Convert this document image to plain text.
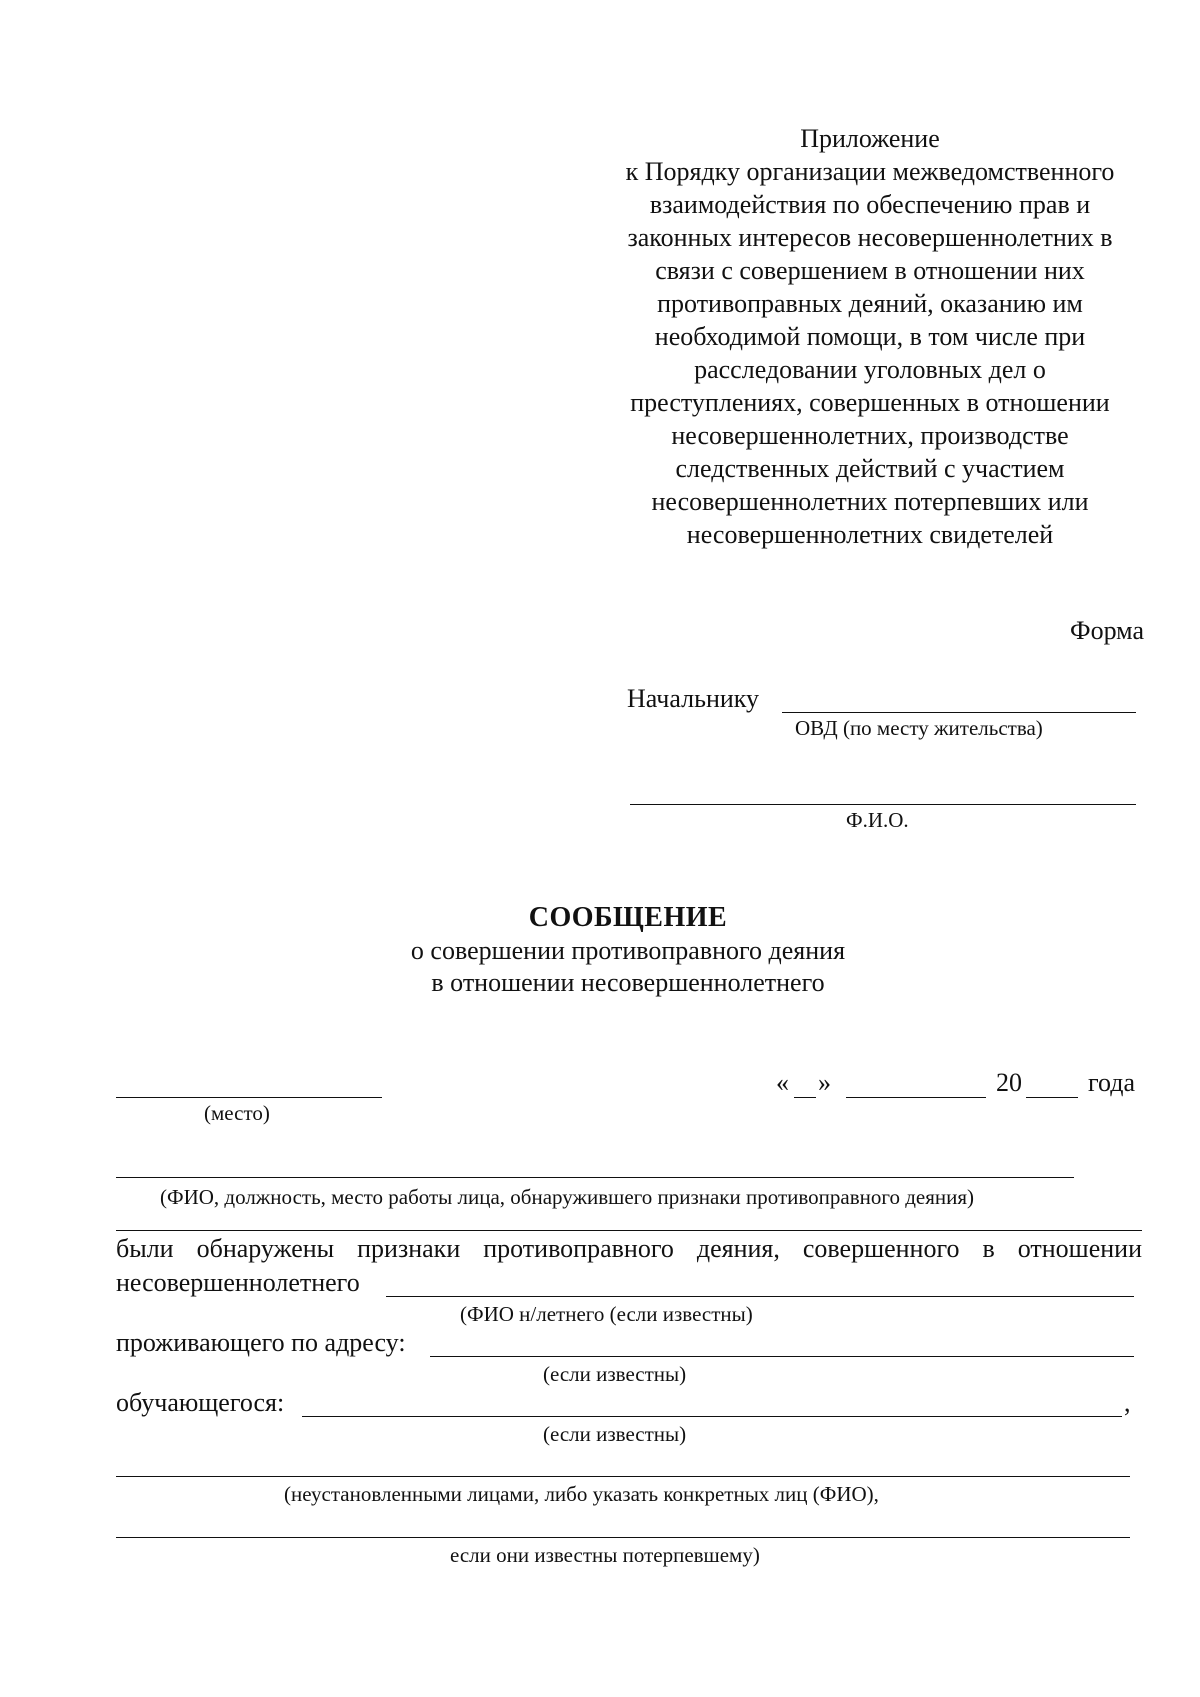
Приложение
к Порядку организации межведомственного
взаимодействия по обеспечению прав и
законных интересов несовершеннолетних в
связи с совершением в отношении них
противоправных деяний, оказанию им
необходимой помощи, в том числе при
расследовании уголовных дел о
преступлениях, совершенных в отношении
несовершеннолетних, производстве
следственных действий с участием
несовершеннолетних потерпевших или
несовершеннолетних свидетелей
Форма
Начальнику
ОВД (по месту жительства)
Ф.И.О.
СООБЩЕНИЕ
о совершении противоправного деяния
в отношении несовершеннолетнего
(место)
« »	20	года
(ФИО, должность, место работы лица, обнаружившего признаки противоправного деяния)
были обнаружены признаки противоправного деяния, совершенного в отношении
несовершеннолетнего
(ФИО н/летнего (если известны)
проживающего по адресу:
(если известны)
обучающегося:	,
(если известны)
(неустановленными лицами, либо указать конкретных лиц (ФИО),
если они известны потерпевшему)
